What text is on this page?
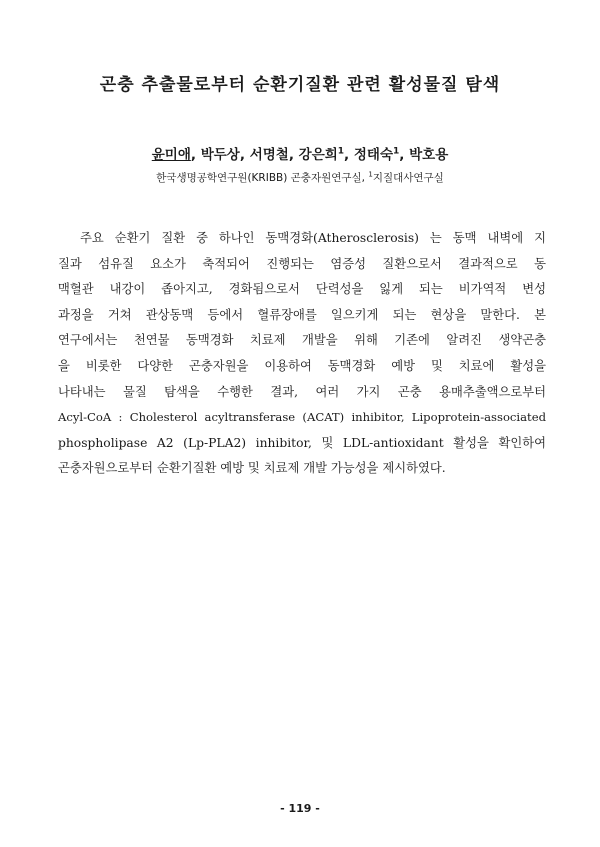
곤충 추출물로부터 순환기질환 관련 활성물질 탐색
윤미애, 박두상, 서명철, 강은희$^1$, 정태숙$^1$, 박호용
한국생명공학연구원(KRIBB) 곤충자원연구실, $^1$지질대사연구실
주요 순환기 질환 중 하나인 동맥경화(Atherosclerosis) 는 동맥 내벽에 지
질과 섬유질 요소가 축적되어 진행되는 염증성 질환으로서 결과적으로 동
맥혈관 내강이 좁아지고, 경화됨으로서 단력성을 잃게 되는 비가역적 변성
과정을 거쳐 관상동맥 등에서 혈류장애를 일으키게 되는 현상을 말한다. 본
연구에서는 천연물 동맥경화 치료제 개발을 위해 기존에 알려진 생약곤충
을 비롯한 다양한 곤충자원을 이용하여 동맥경화 예방 및 치료에 활성을
나타내는 물질 탐색을 수행한 결과, 여러 가지 곤충 용매추출액으로부터
Acyl-CoA : Cholesterol acyltransferase (ACAT) inhibitor, Lipoprotein-associated
phospholipase A2 (Lp-PLA2) inhibitor, 및 LDL-antioxidant 활성을 확인하여
곤충자원으로부터 순환기질환 예방 및 치료제 개발 가능성을 제시하였다.
- 119 -
